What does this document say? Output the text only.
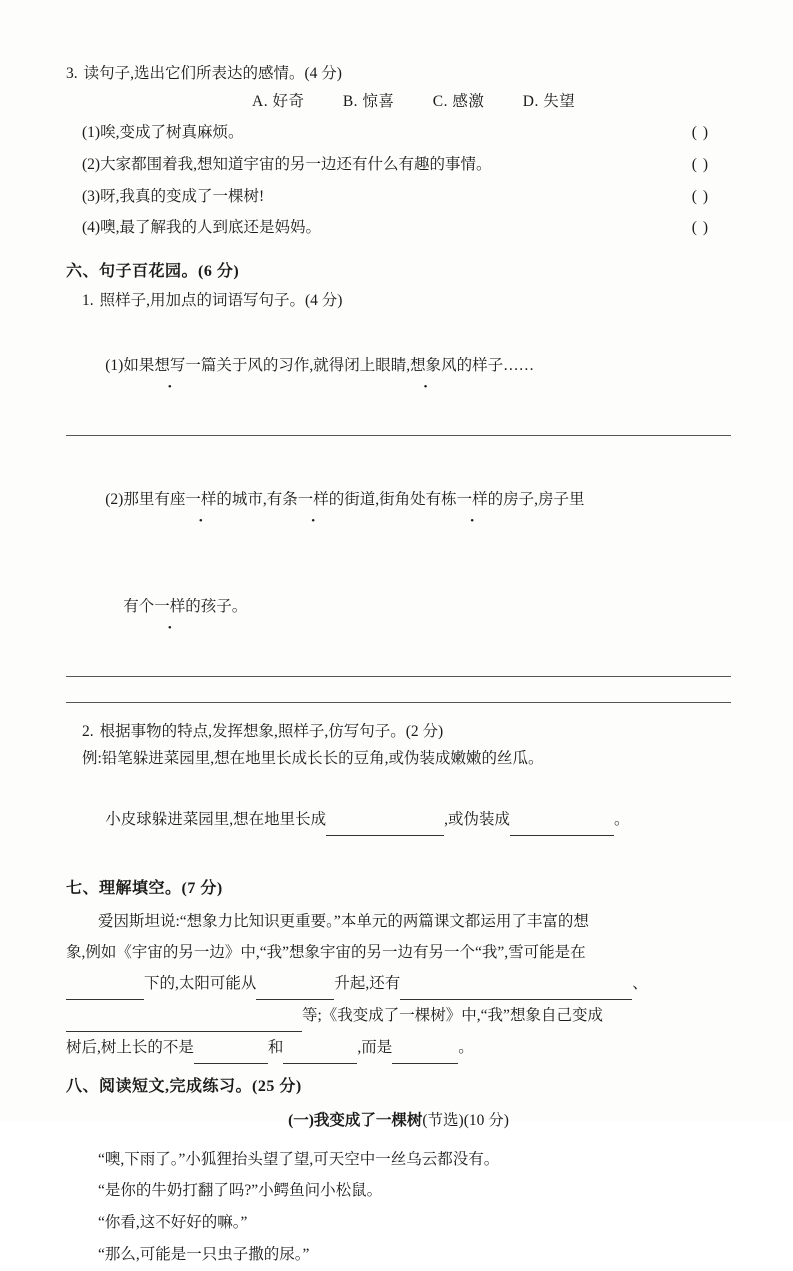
3. 读句子,选出它们所表达的感情。(4 分)
A. 好奇 B. 惊喜 C. 感激 D. 失望
(1)唉,变成了树真麻烦。	( )
(2)大家都围着我,想知道宇宙的另一边还有什么有趣的事情。	( )
(3)呀,我真的变成了一棵树!	( )
(4)噢,最了解我的人到底还是妈妈。	( )
六、句子百花园。(6 分)
1. 照样子,用加点的词语写句子。(4 分)

(1)如果想写一篇关于风的习作,就得闭上眼睛,想象风的样子……

(2)那里有座一样的城市,有条一样的街道,街角处有栋一样的房子,房子里

有个一样的孩子。

2. 根据事物的特点,发挥想象,照样子,仿写句子。(2 分)
例:铅笔躲进菜园里,想在地里长成长长的豆角,或伪装成嫩嫩的丝瓜。

小皮球躲进菜园里,想在地里长成	,或伪装成	。

七、理解填空。(7 分)
爱因斯坦说:“想象力比知识更重要。”本单元的两篇课文都运用了丰富的想
象,例如《宇宙的另一边》中,“我”想象宇宙的另一边有另一个“我”,雪可能是在
下的,太阳可能从	升起,还有	、
等;《我变成了一棵树》中,“我”想象自己变成
树后,树上长的不是	和	,而是	。
八、阅读短文,完成练习。(25 分)
(一)我变成了一棵树(节选)(10 分)
“噢,下雨了。”小狐狸抬头望了望,可天空中一丝乌云都没有。
“是你的牛奶打翻了吗?”小鳄鱼问小松鼠。
“你看,这不好好的嘛。”
“那么,可能是一只虫子撒的尿。”
